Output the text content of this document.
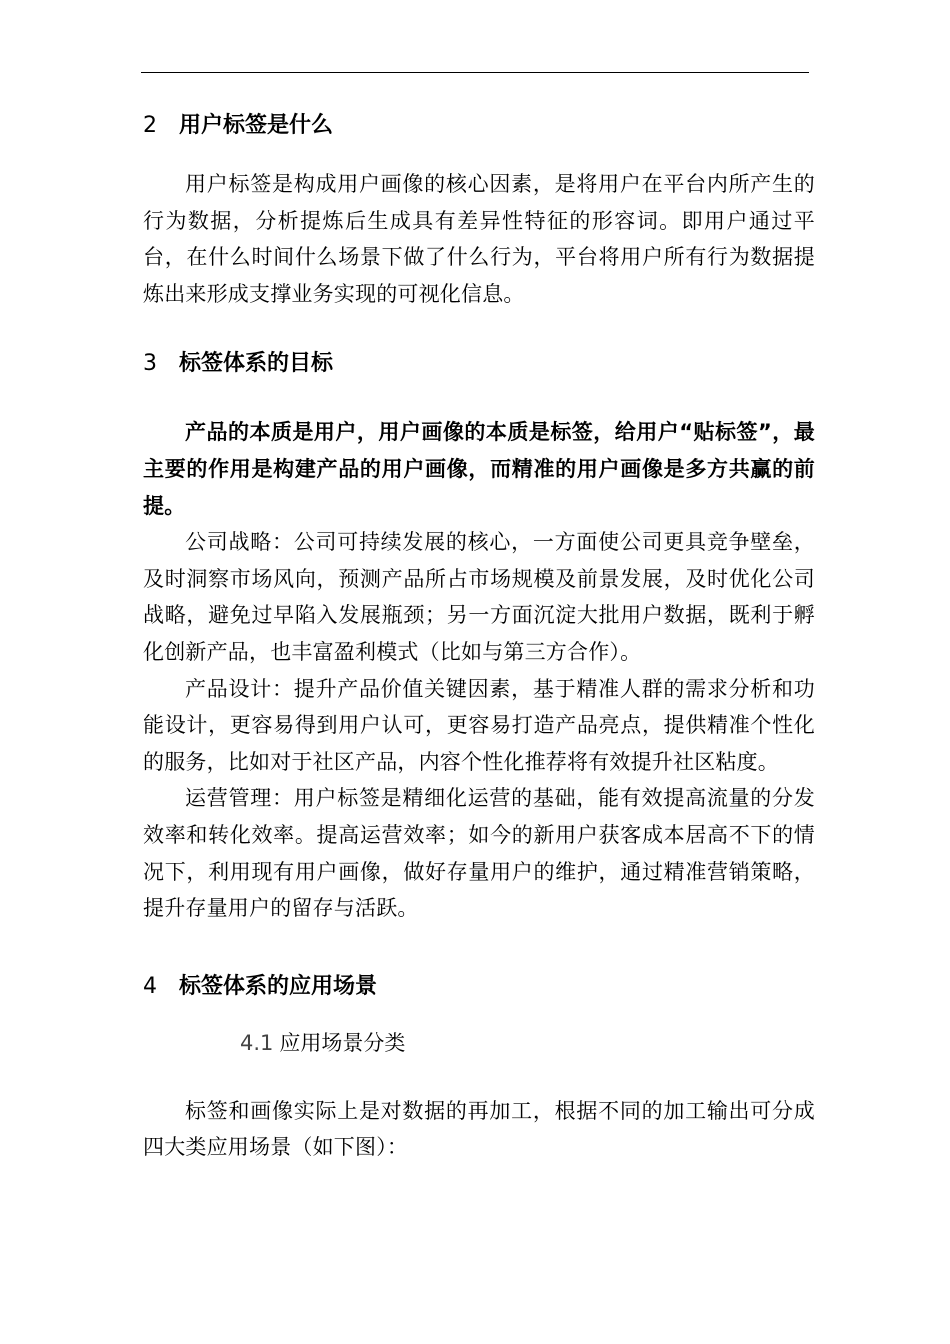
2 用户标签是什么

用户标签是构成用户画像的核心因素，是将用户在平台内所产生的行为数据，分析提炼后生成具有差异性特征的形容词。即用户通过平台，在什么时间什么场景下做了什么行为，平台将用户所有行为数据提炼出来形成支撑业务实现的可视化信息。

3 标签体系的目标

产品的本质是用户，用户画像的本质是标签，给用户“贴标签”，最主要的作用是构建产品的用户画像，而精准的用户画像是多方共赢的前提。

公司战略：公司可持续发展的核心，一方面使公司更具竞争壁垒，及时洞察市场风向，预测产品所占市场规模及前景发展，及时优化公司战略，避免过早陷入发展瓶颈；另一方面沉淀大批用户数据，既利于孵化创新产品，也丰富盈利模式（比如与第三方合作）。

产品设计：提升产品价值关键因素，基于精准人群的需求分析和功能设计，更容易得到用户认可，更容易打造产品亮点，提供精准个性化的服务，比如对于社区产品，内容个性化推荐将有效提升社区粘度。

运营管理：用户标签是精细化运营的基础，能有效提高流量的分发效率和转化效率。提高运营效率；如今的新用户获客成本居高不下的情况下，利用现有用户画像，做好存量用户的维护，通过精准营销策略，提升存量用户的留存与活跃。

4 标签体系的应用场景
4.1 应用场景分类

标签和画像实际上是对数据的再加工，根据不同的加工输出可分成四大类应用场景（如下图）：
